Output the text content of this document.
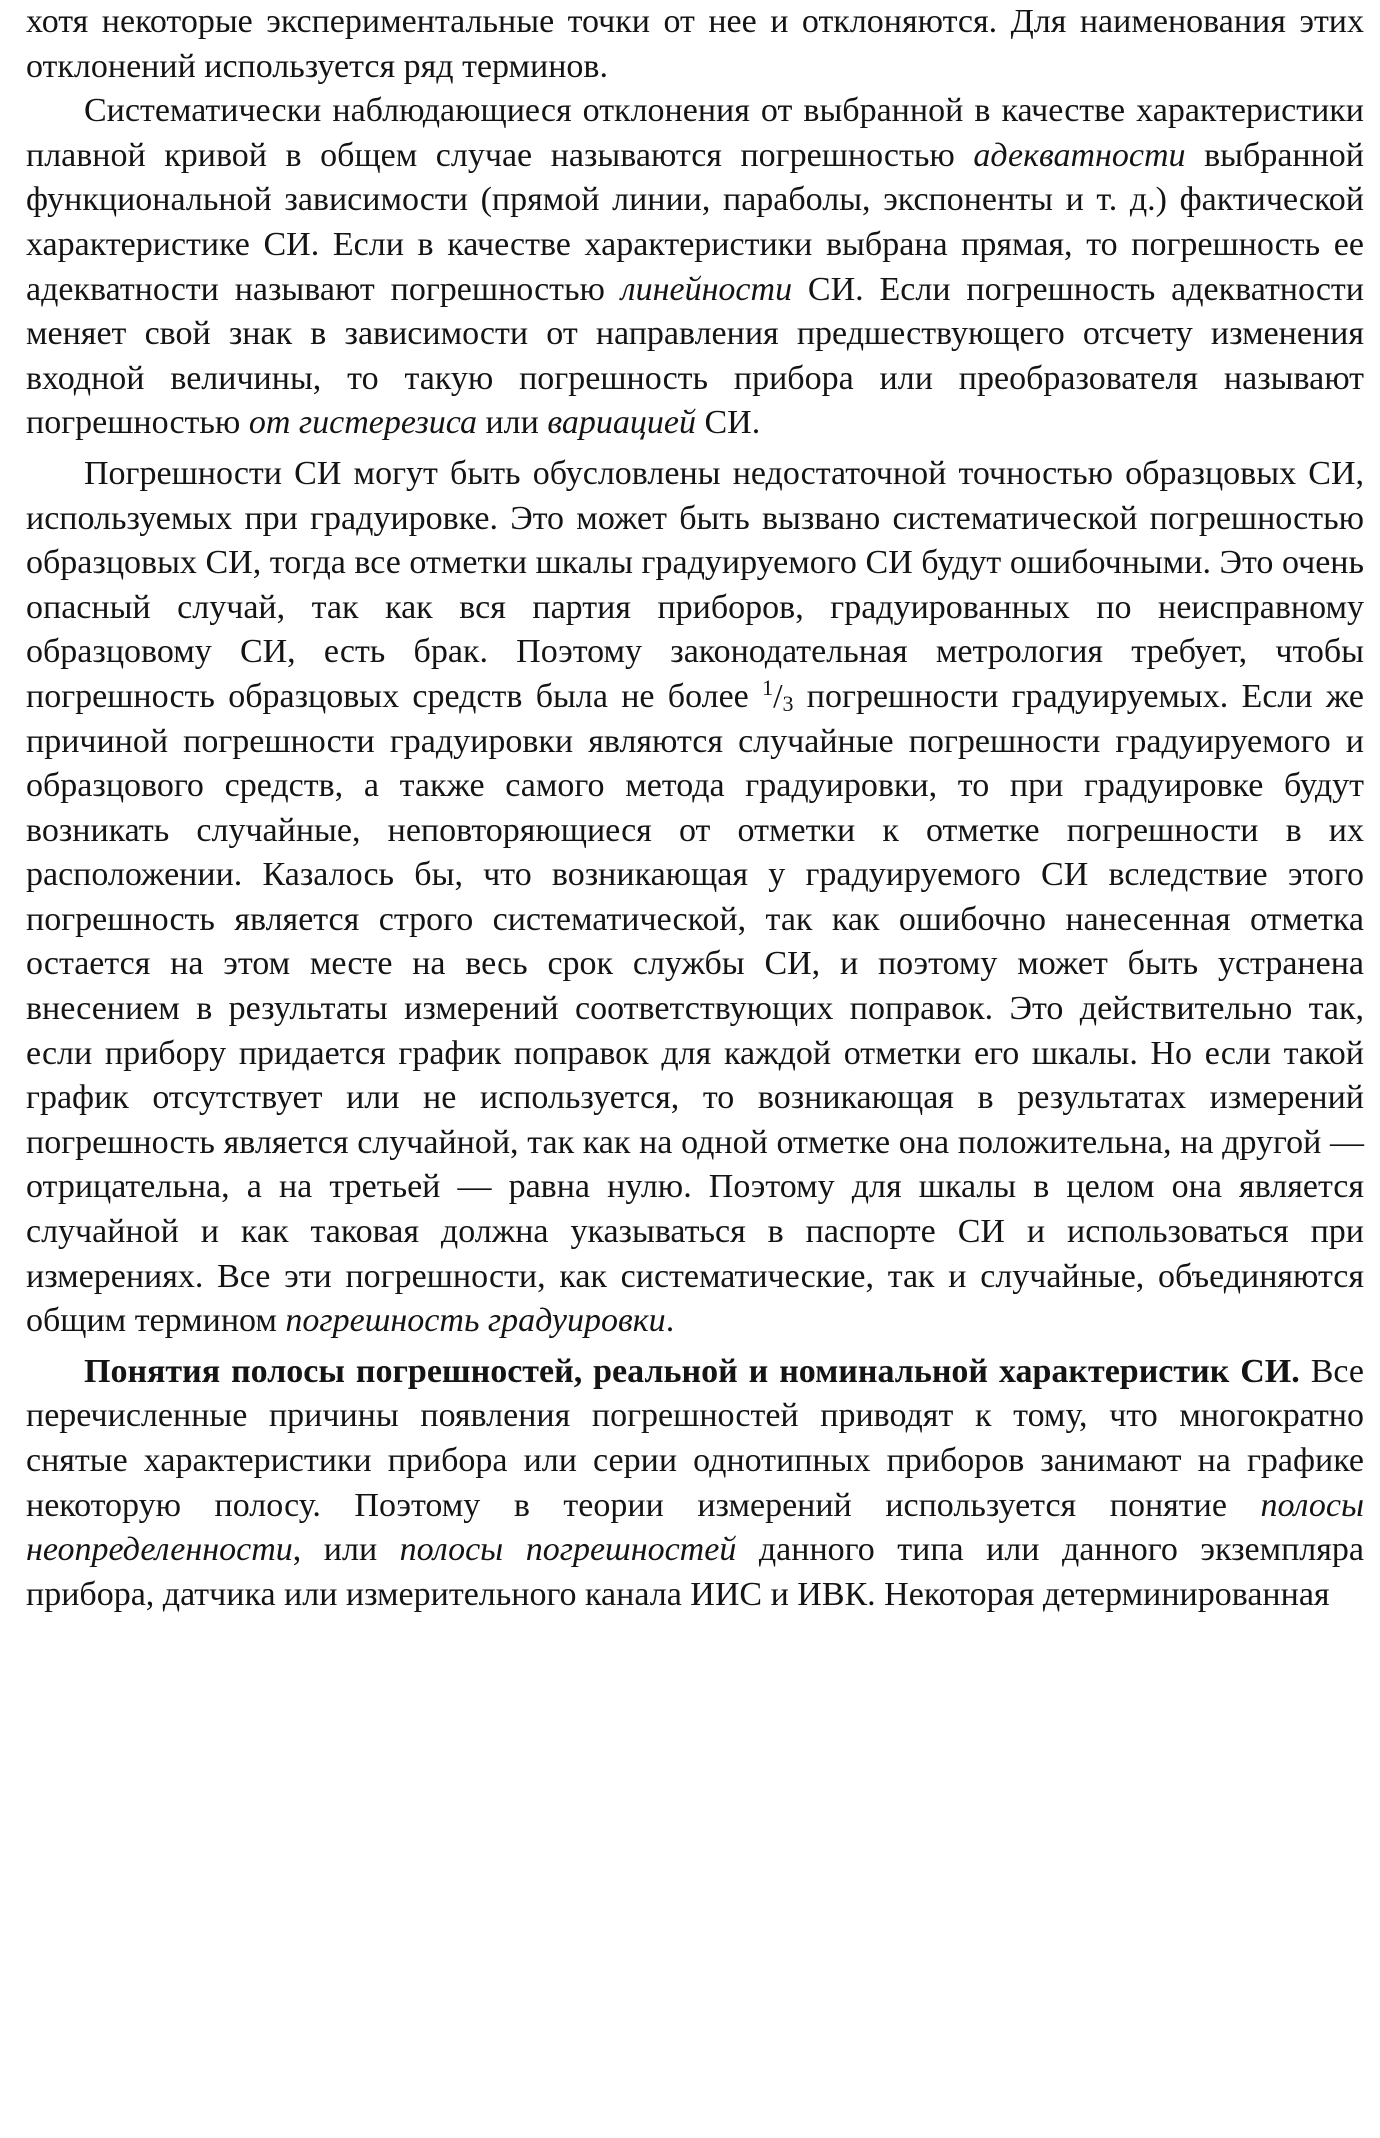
хотя некоторые экспериментальные точки от нее и отклоняются. Для наименования этих отклонений используется ряд терминов.

Систематически наблюдающиеся отклонения от выбранной в качестве характеристики плавной кривой в общем случае называются погрешностью адекватности выбранной функциональной зависимости (прямой линии, параболы, экспоненты и т. д.) фактической характеристике СИ. Если в качестве характеристики выбрана прямая, то погрешность ее адекватности называют погрешностью линейности СИ. Если погрешность адекватности меняет свой знак в зависимости от направления предшествующего отсчету изменения входной величины, то такую погрешность прибора или преобразователя называют погрешностью от гистерезиса или вариацией СИ.

Погрешности СИ могут быть обусловлены недостаточной точностью образцовых СИ, используемых при градуировке. Это может быть вызвано систематической погрешностью образцовых СИ, тогда все отметки шкалы градуируемого СИ будут ошибочными. Это очень опасный случай, так как вся партия приборов, градуированных по неисправному образцовому СИ, есть брак. Поэтому законодательная метрология требует, чтобы погрешность образцовых средств была не более $^1/_3$ погрешности градуируемых. Если же причиной погрешности градуировки являются случайные погрешности градуируемого и образцового средств, а также самого метода градуировки, то при градуировке будут возникать случайные, неповторяющиеся от отметки к отметке погрешности в их расположении. Казалось бы, что возникающая у градуируемого СИ вследствие этого погрешность является строго систематической, так как ошибочно нанесенная отметка остается на этом месте на весь срок службы СИ, и поэтому может быть устранена внесением в результаты измерений соответствующих поправок. Это действительно так, если прибору придается график поправок для каждой отметки его шкалы. Но если такой график отсутствует или не используется, то возникающая в результатах измерений погрешность является случайной, так как на одной отметке она положительна, на другой — отрицательна, а на третьей — равна нулю. Поэтому для шкалы в целом она является случайной и как таковая должна указываться в паспорте СИ и использоваться при измерениях. Все эти погрешности, как систематические, так и случайные, объединяются общим термином погрешность градуировки.

Понятия полосы погрешностей, реальной и номинальной характеристик СИ. Все перечисленные причины появления погрешностей приводят к тому, что многократно снятые характеристики прибора или серии однотипных приборов занимают на графике некоторую полосу. Поэтому в теории измерений используется понятие полосы неопределенности, или полосы погрешностей данного типа или данного экземпляра прибора, датчика или измерительного канала ИИС и ИВК. Некоторая детерминированная
